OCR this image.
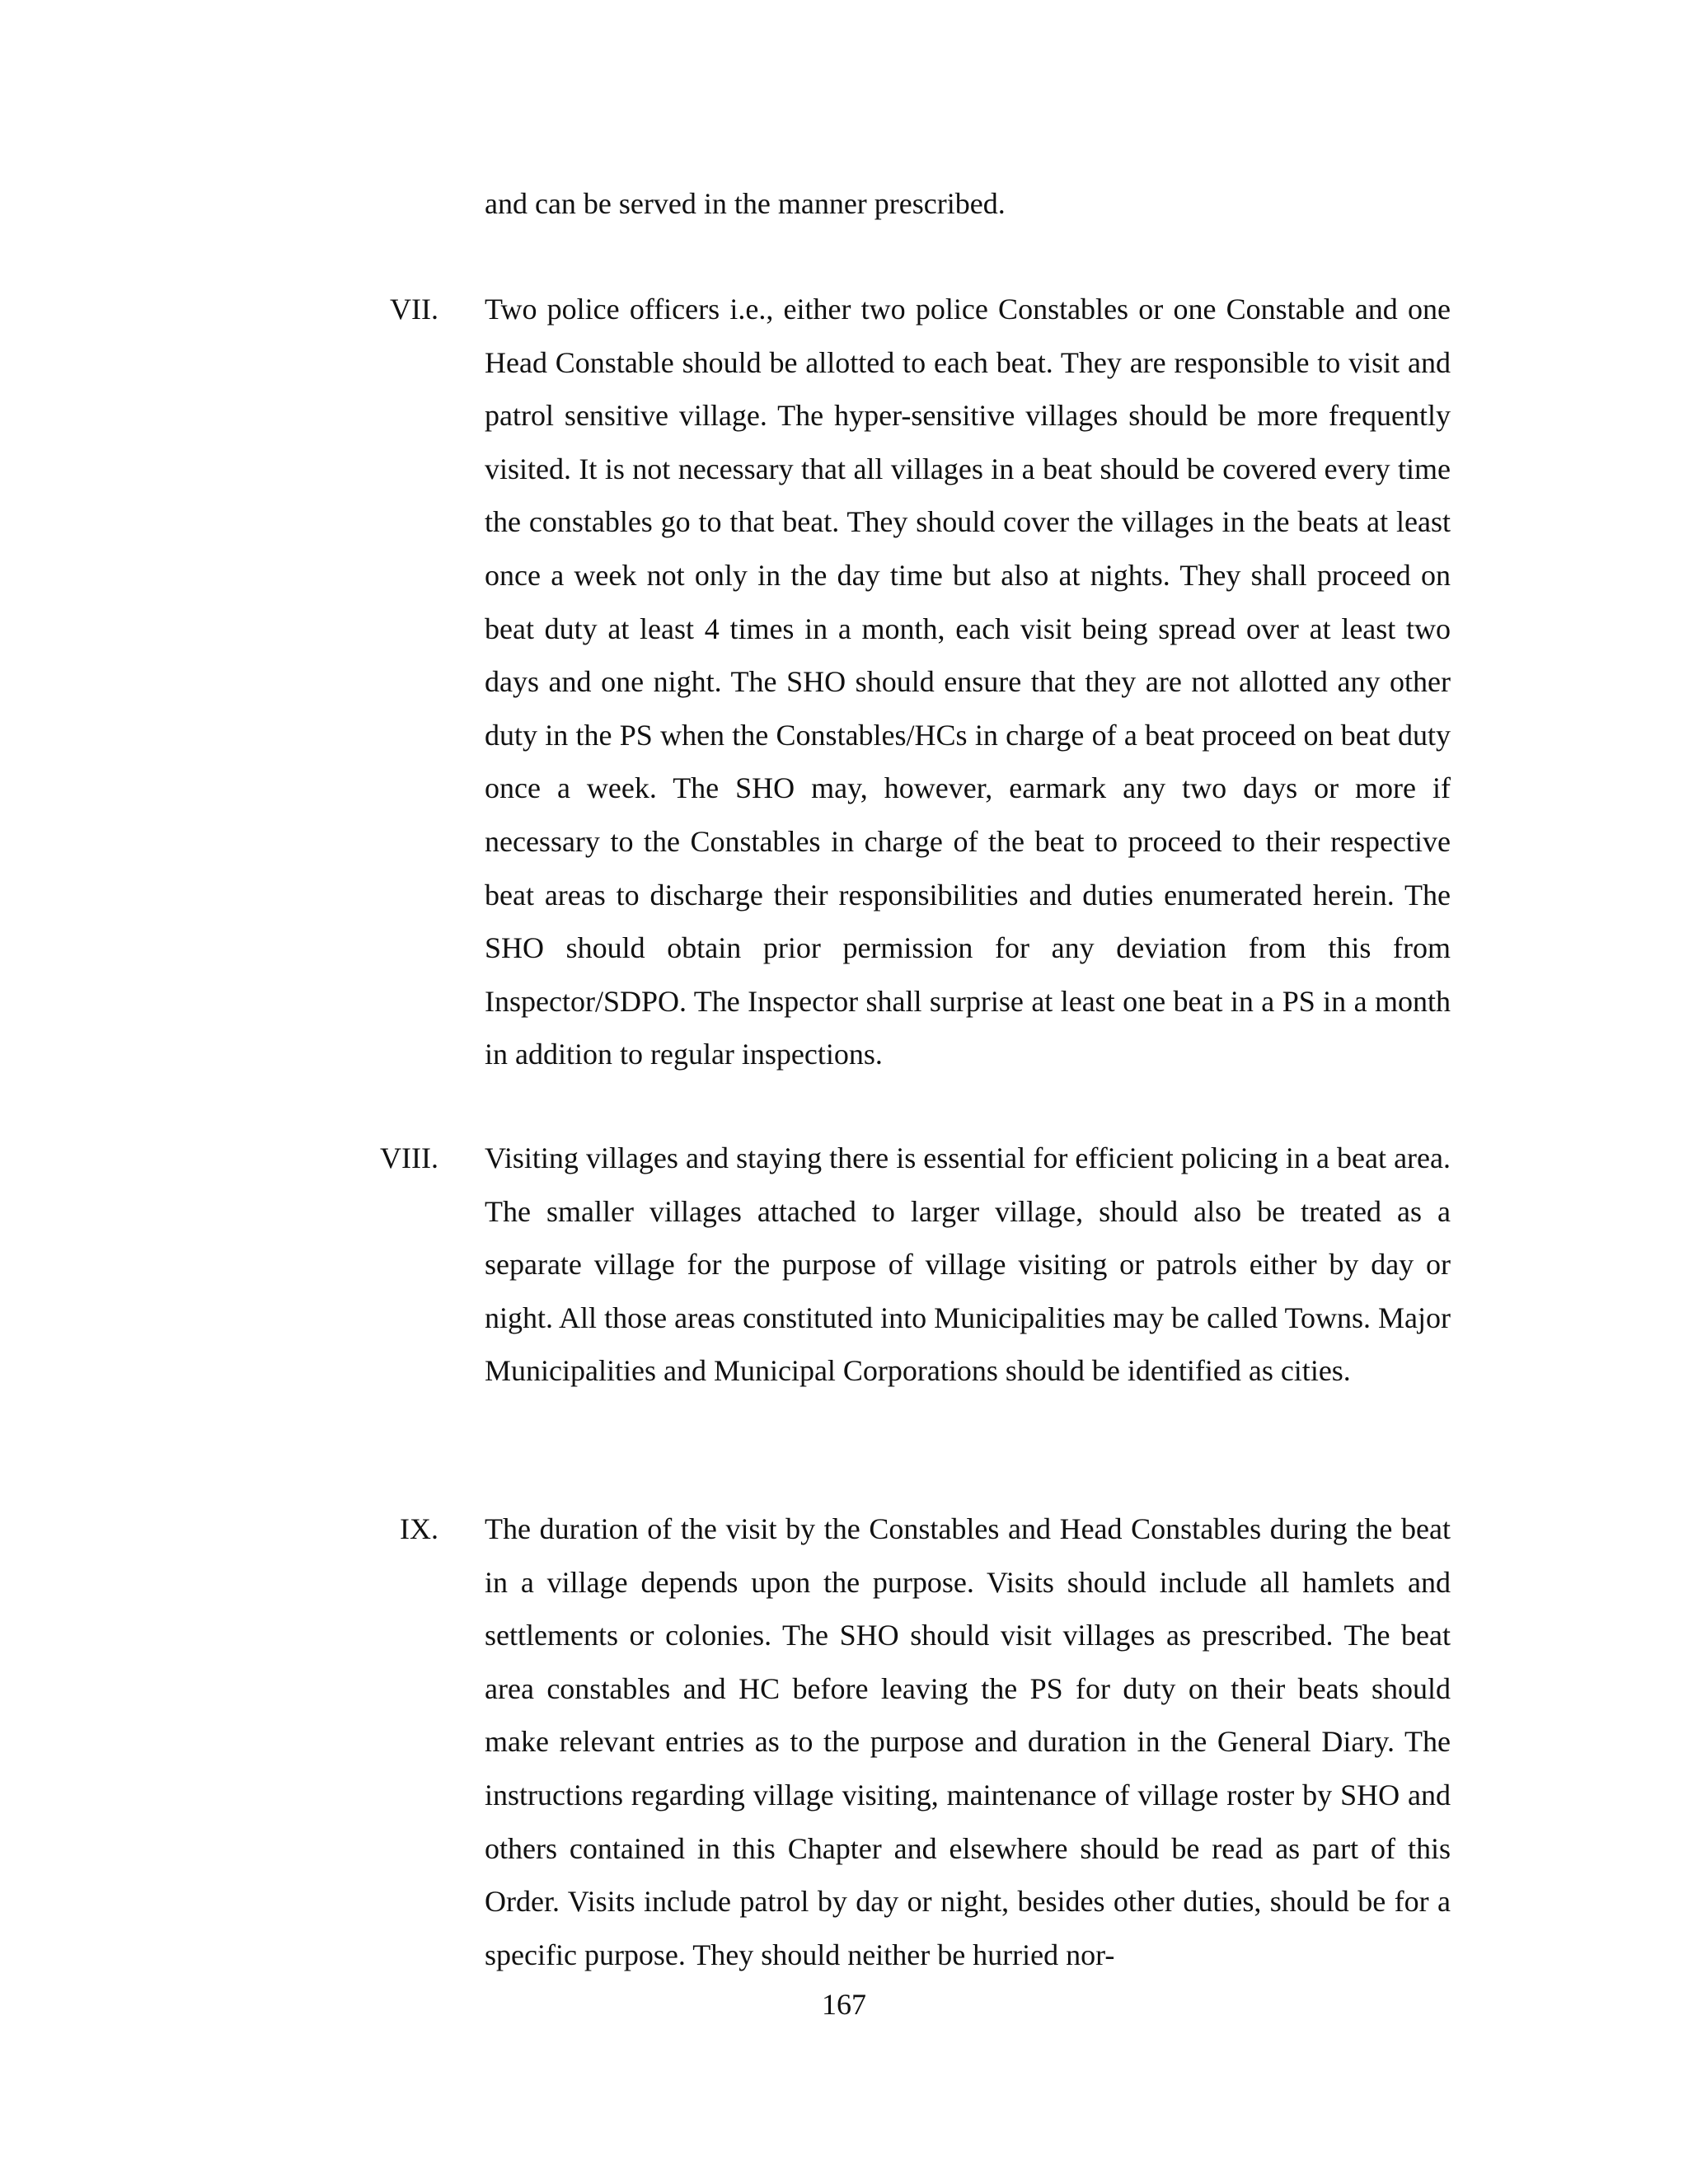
and can be served in the manner prescribed.

VII. Two police officers i.e., either two police Constables or one Constable and one Head Constable should be allotted to each beat. They are responsible to visit and patrol sensitive village. The hyper-sensitive villages should be more frequently visited. It is not necessary that all villages in a beat should be covered every time the constables go to that beat. They should cover the villages in the beats at least once a week not only in the day time but also at nights. They shall proceed on beat duty at least 4 times in a month, each visit being spread over at least two days and one night. The SHO should ensure that they are not allotted any other duty in the PS when the Constables/HCs in charge of a beat proceed on beat duty once a week. The SHO may, however, earmark any two days or more if necessary to the Constables in charge of the beat to proceed to their respective beat areas to discharge their responsibilities and duties enumerated herein. The SHO should obtain prior permission for any deviation from this from Inspector/SDPO. The Inspector shall surprise at least one beat in a PS in a month in addition to regular inspections.

VIII. Visiting villages and staying there is essential for efficient policing in a beat area. The smaller villages attached to larger village, should also be treated as a separate village for the purpose of village visiting or patrols either by day or night. All those areas constituted into Municipalities may be called Towns. Major Municipalities and Municipal Corporations should be identified as cities.

IX. The duration of the visit by the Constables and Head Constables during the beat in a village depends upon the purpose. Visits should include all hamlets and settlements or colonies. The SHO should visit villages as prescribed. The beat area constables and HC before leaving the PS for duty on their beats should make relevant entries as to the purpose and duration in the General Diary. The instructions regarding village visiting, maintenance of village roster by SHO and others contained in this Chapter and elsewhere should be read as part of this Order. Visits include patrol by day or night, besides other duties, should be for a specific purpose. They should neither be hurried nor-

167
